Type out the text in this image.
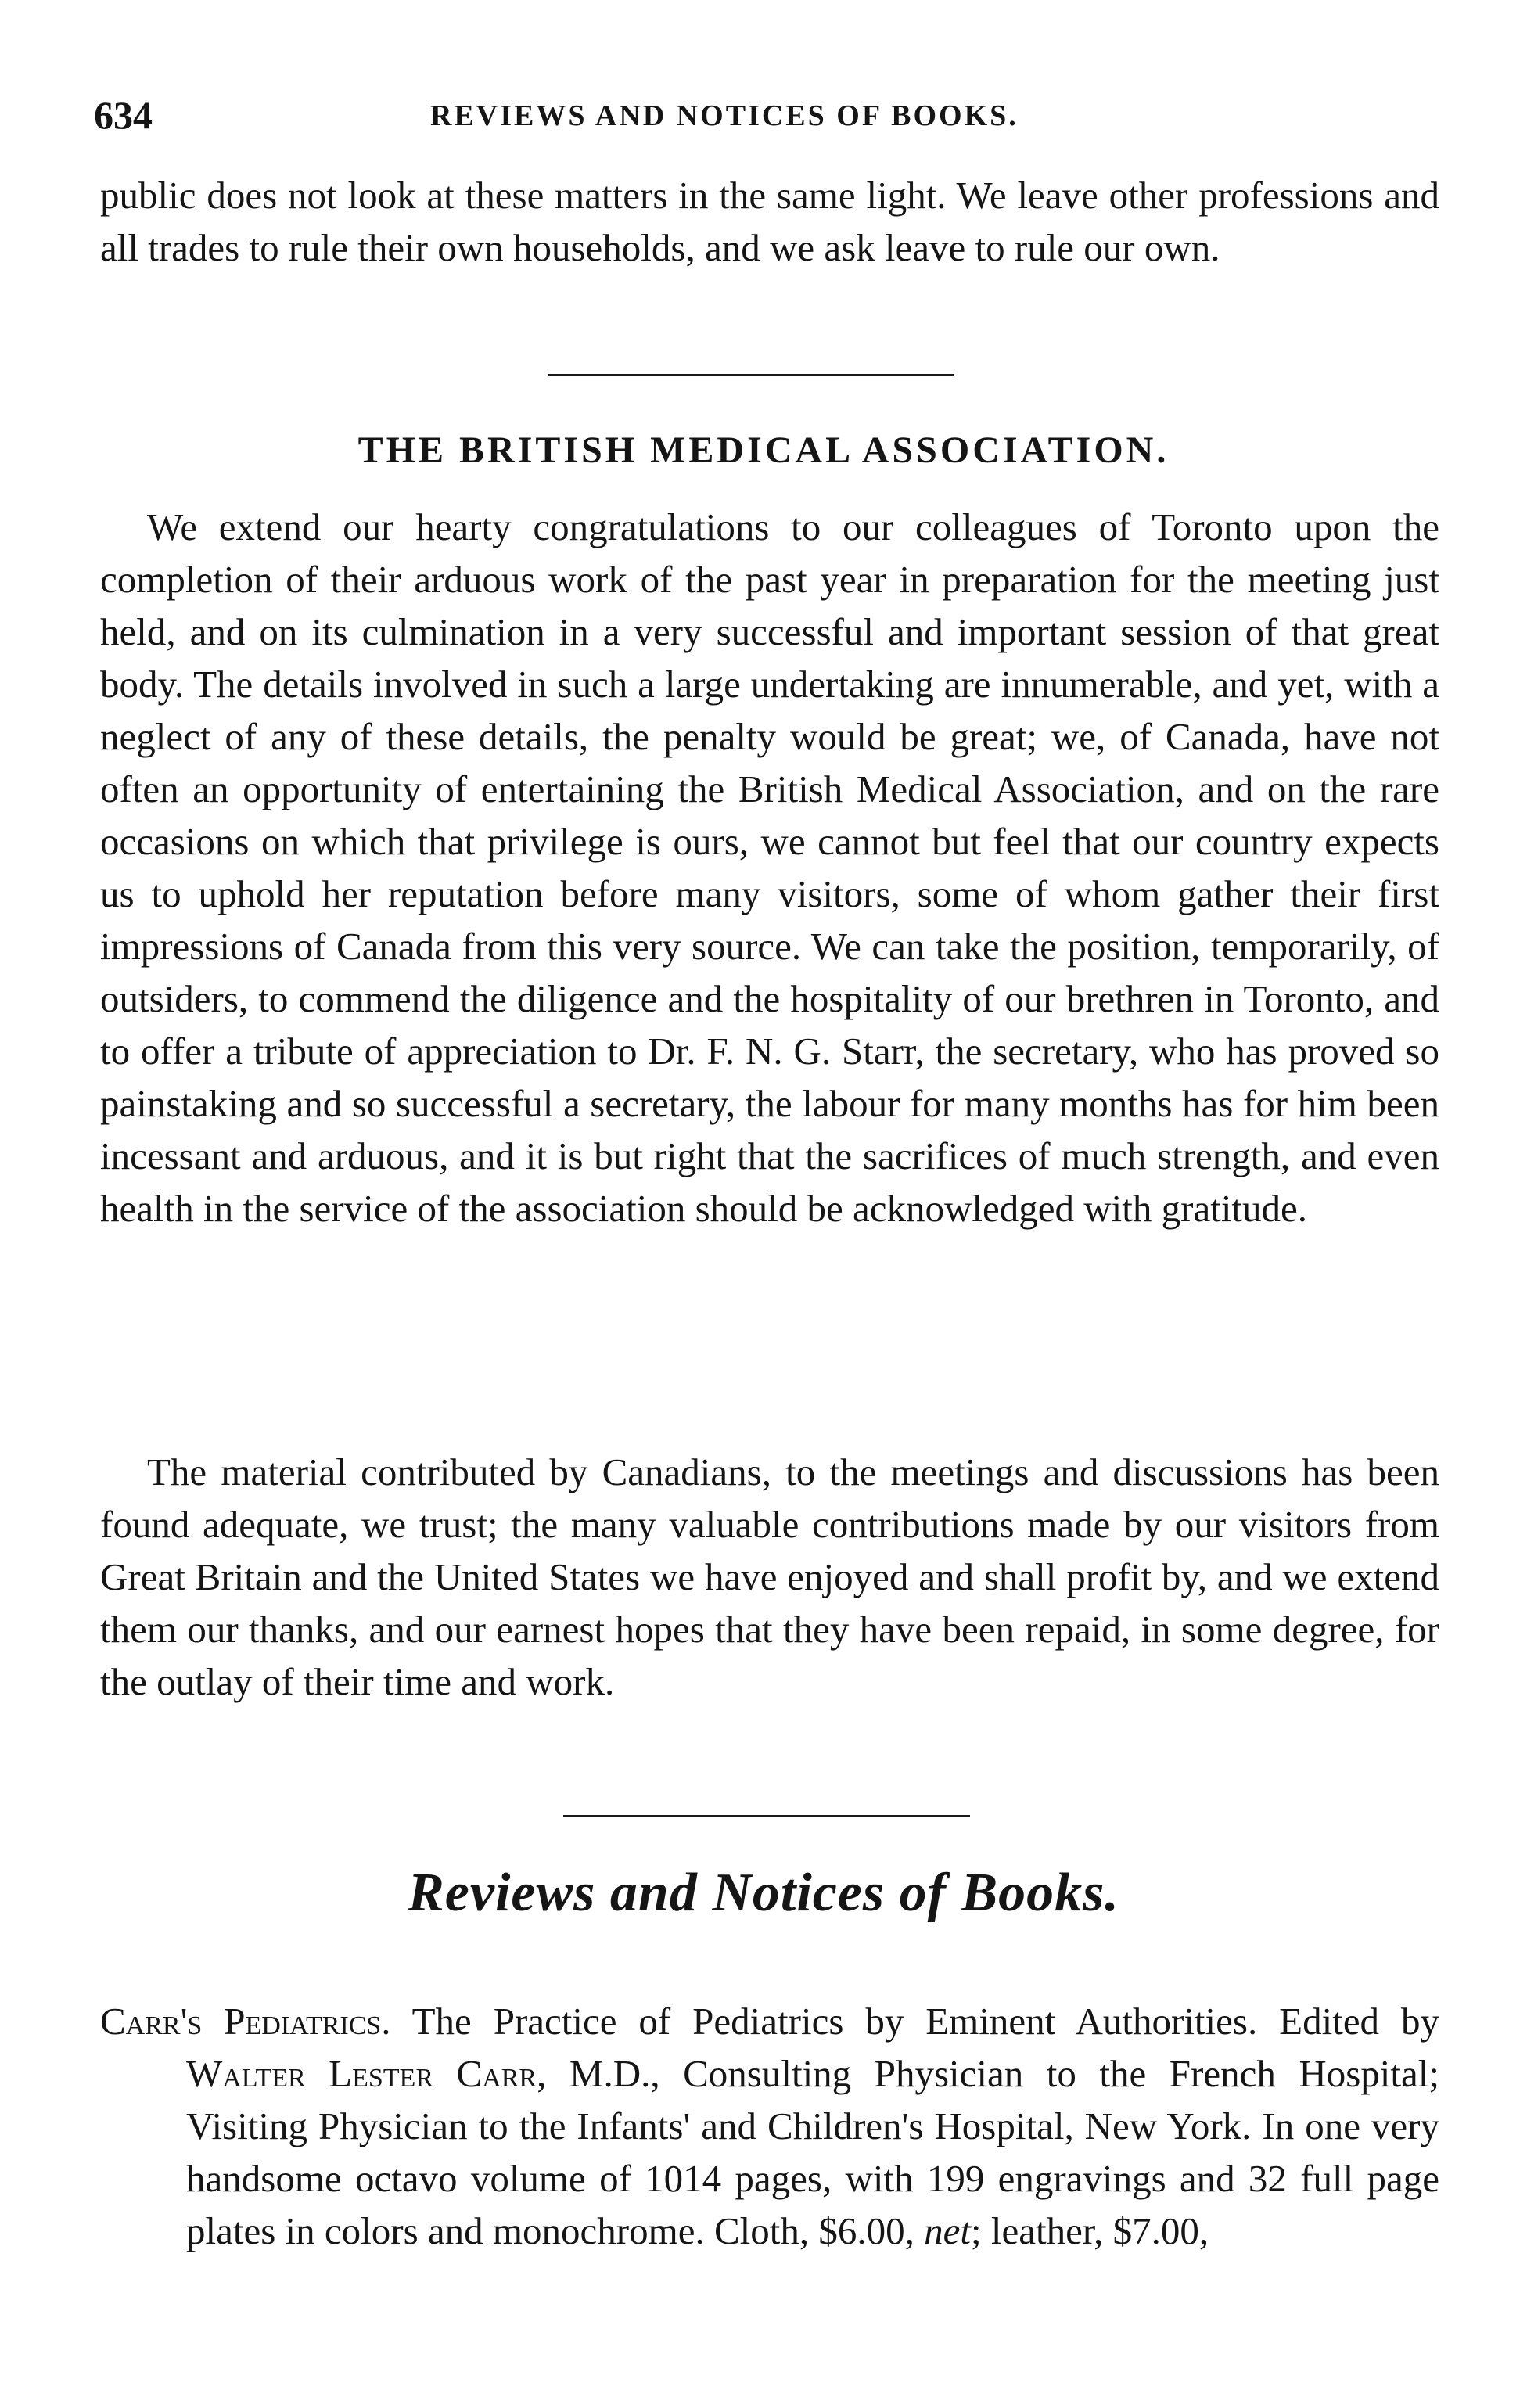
634	REVIEWS AND NOTICES OF BOOKS.

public does not look at these matters in the same light. We leave other professions and all trades to rule their own households, and we ask leave to rule our own.

THE BRITISH MEDICAL ASSOCIATION.

We extend our hearty congratulations to our colleagues of Toronto upon the completion of their arduous work of the past year in preparation for the meeting just held, and on its culmination in a very successful and important session of that great body. The details involved in such a large undertaking are innumerable, and yet, with a neglect of any of these details, the penalty would be great; we, of Canada, have not often an opportunity of entertaining the British Medical Association, and on the rare occasions on which that privilege is ours, we cannot but feel that our country expects us to uphold her reputation before many visitors, some of whom gather their first impressions of Canada from this very source. We can take the position, temporarily, of outsiders, to commend the diligence and the hospitality of our brethren in Toronto, and to offer a tribute of appreciation to Dr. F. N. G. Starr, the secretary, who has proved so painstaking and so successful a secretary, the labour for many months has for him been incessant and arduous, and it is but right that the sacrifices of much strength, and even health in the service of the association should be acknowledged with gratitude.

The material contributed by Canadians, to the meetings and discussions has been found adequate, we trust; the many valuable contributions made by our visitors from Great Britain and the United States we have enjoyed and shall profit by, and we extend them our thanks, and our earnest hopes that they have been repaid, in some degree, for the outlay of their time and work.

Reviews and Notices of Books.

Carr's Pediatrics. The Practice of Pediatrics by Eminent Authorities. Edited by Walter Lester Carr, M.D., Consulting Physician to the French Hospital; Visiting Physician to the Infants' and Children's Hospital, New York. In one very handsome octavo volume of 1014 pages, with 199 engravings and 32 full page plates in colors and monochrome. Cloth, $6.00, net; leather, $7.00,
